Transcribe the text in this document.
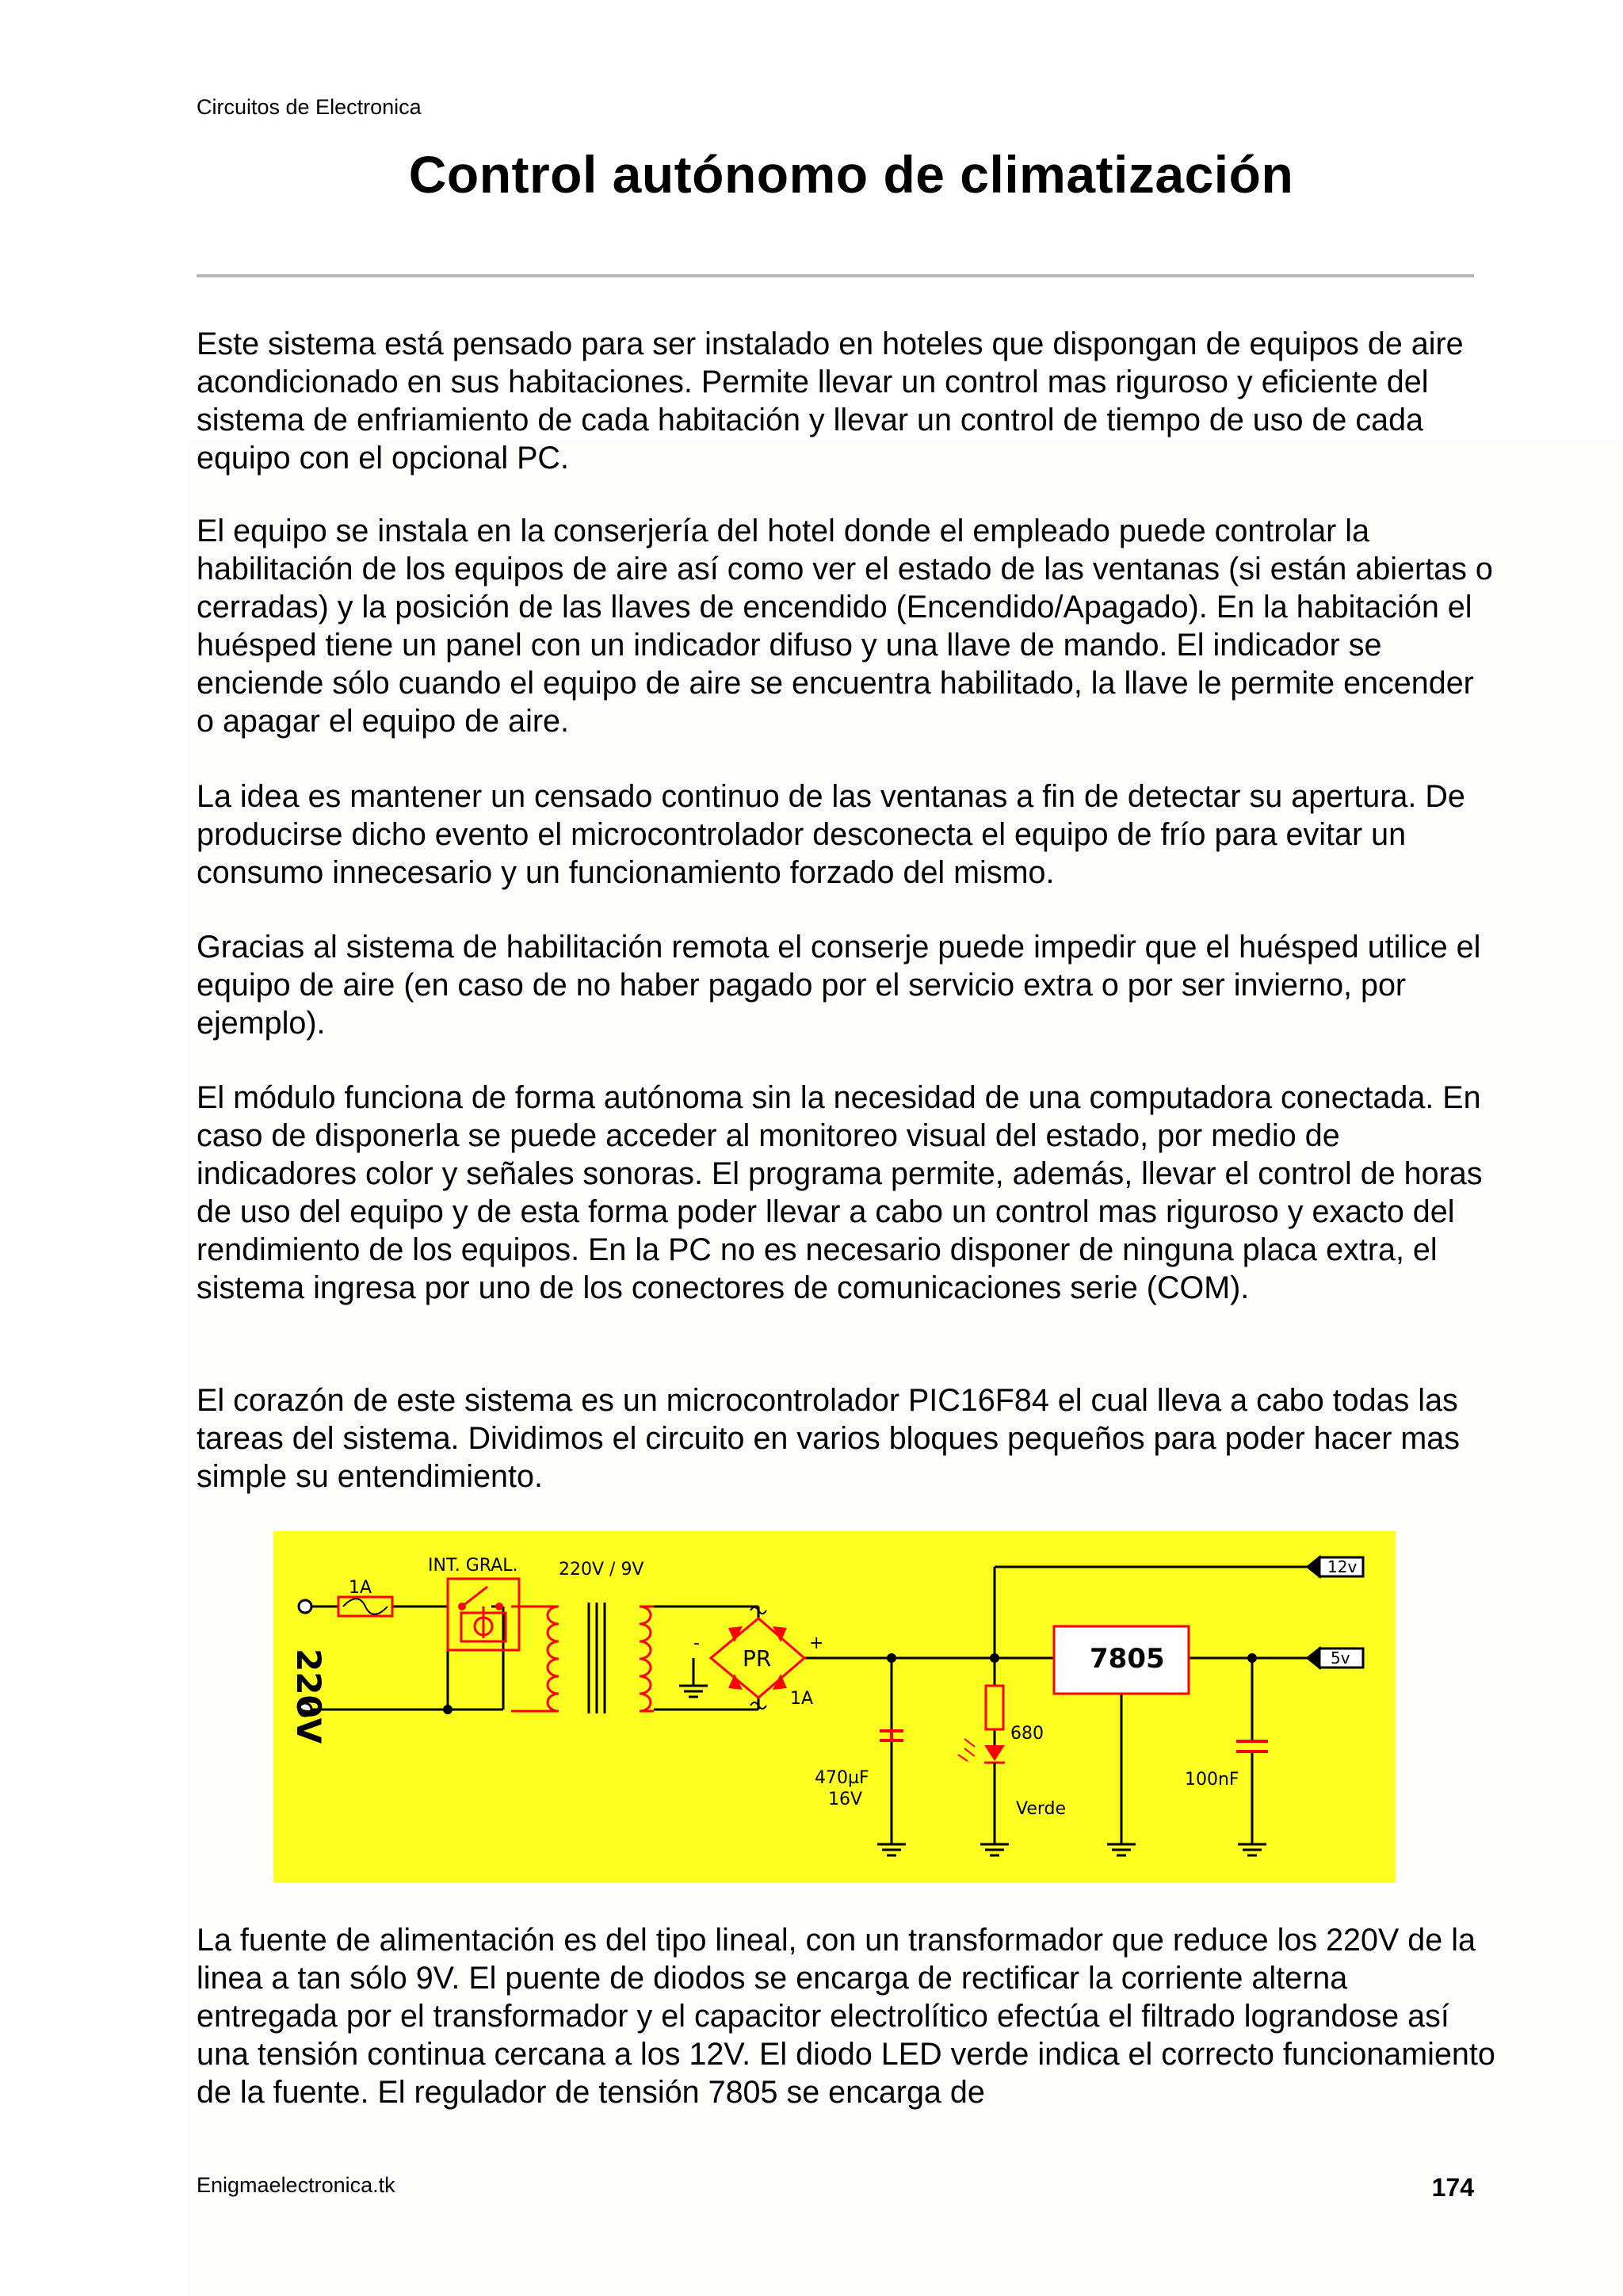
Circuitos de Electronica
Control autónomo de climatización

Este sistema está pensado para ser instalado en hoteles que dispongan de equipos de aire acondicionado en sus habitaciones. Permite llevar un control mas riguroso y eficiente del sistema de enfriamiento de cada habitación y llevar un control de tiempo de uso de cada equipo con el opcional PC.

El equipo se instala en la conserjería del hotel donde el empleado puede controlar la habilitación de los equipos de aire así como ver el estado de las ventanas (si están abiertas o cerradas) y la posición de las llaves de encendido (Encendido/Apagado). En la habitación el huésped tiene un panel con un indicador difuso y una llave de mando. El indicador se enciende sólo cuando el equipo de aire se encuentra habilitado, la llave le permite encender o apagar el equipo de aire.

La idea es mantener un censado continuo de las ventanas a fin de detectar su apertura. De producirse dicho evento el microcontrolador desconecta el equipo de frío para evitar un consumo innecesario y un funcionamiento forzado del mismo.

Gracias al sistema de habilitación remota el conserje puede impedir que el huésped utilice el equipo de aire (en caso de no haber pagado por el servicio extra o por ser invierno, por ejemplo).

El módulo funciona de forma autónoma sin la necesidad de una computadora conectada. En caso de disponerla se puede acceder al monitoreo visual del estado, por medio de indicadores color y señales sonoras. El programa permite, además, llevar el control de horas de uso del equipo y de esta forma poder llevar a cabo un control mas riguroso y exacto del rendimiento de los equipos. En la PC no es necesario disponer de ninguna placa extra, el sistema ingresa por uno de los conectores de comunicaciones serie (COM).

El corazón de este sistema es un microcontrolador PIC16F84 el cual lleva a cabo todas las tareas del sistema. Dividimos el circuito en varios bloques pequeños para poder hacer mas simple su entendimiento.

220V
1A
INT. GRAL. 220V / 9V
PR
1A
+
-
470µF
16V
680
Verde
7805
100nF
12v
5v

La fuente de alimentación es del tipo lineal, con un transformador que reduce los 220V de la linea a tan sólo 9V. El puente de diodos se encarga de rectificar la corriente alterna entregada por el transformador y el capacitor electrolítico efectúa el filtrado lograndose así una tensión continua cercana a los 12V. El diodo LED verde indica el correcto funcionamiento de la fuente. El regulador de tensión 7805 se encarga de

Enigmaelectronica.tk	174
